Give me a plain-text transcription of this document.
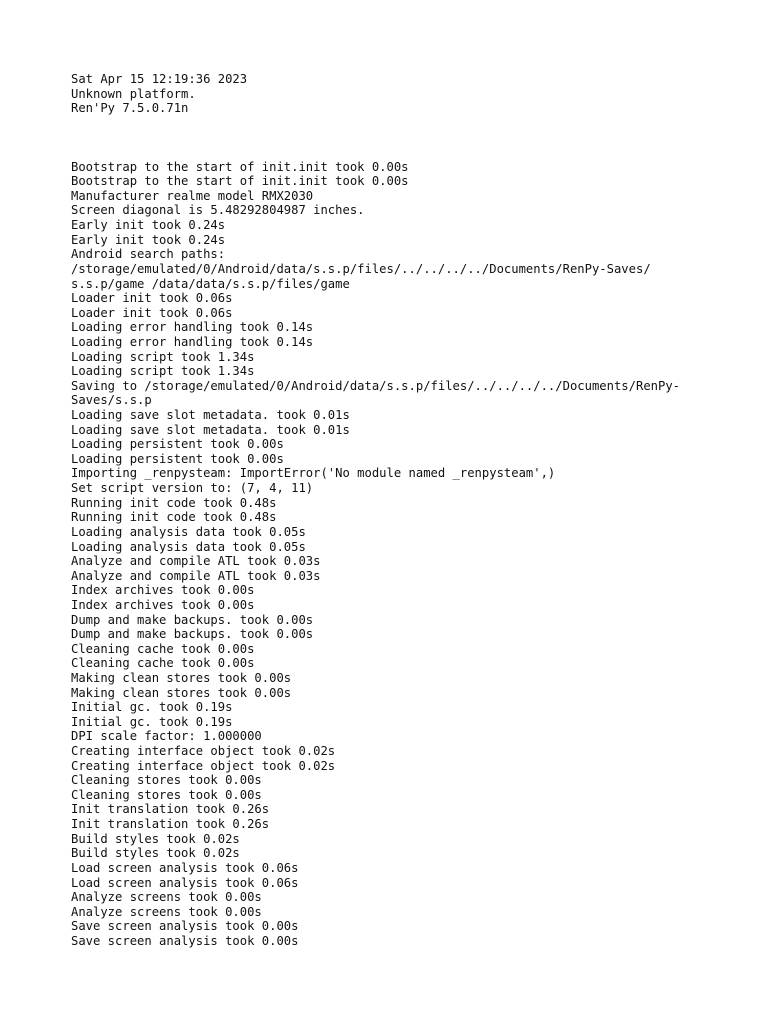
Sat Apr 15 12:19:36 2023
Unknown platform.
Ren'Py 7.5.0.71n
Bootstrap to the start of init.init took 0.00s
Bootstrap to the start of init.init took 0.00s
Manufacturer realme model RMX2030
Screen diagonal is 5.48292804987 inches.
Early init took 0.24s
Early init took 0.24s
Android search paths:
/storage/emulated/0/Android/data/s.s.p/files/../../../../Documents/RenPy-Saves/
s.s.p/game /data/data/s.s.p/files/game
Loader init took 0.06s
Loader init took 0.06s
Loading error handling took 0.14s
Loading error handling took 0.14s
Loading script took 1.34s
Loading script took 1.34s
Saving to /storage/emulated/0/Android/data/s.s.p/files/../../../../Documents/RenPy-
Saves/s.s.p
Loading save slot metadata. took 0.01s
Loading save slot metadata. took 0.01s
Loading persistent took 0.00s
Loading persistent took 0.00s
Importing _renpysteam: ImportError('No module named _renpysteam',)
Set script version to: (7, 4, 11)
Running init code took 0.48s
Running init code took 0.48s
Loading analysis data took 0.05s
Loading analysis data took 0.05s
Analyze and compile ATL took 0.03s
Analyze and compile ATL took 0.03s
Index archives took 0.00s
Index archives took 0.00s
Dump and make backups. took 0.00s
Dump and make backups. took 0.00s
Cleaning cache took 0.00s
Cleaning cache took 0.00s
Making clean stores took 0.00s
Making clean stores took 0.00s
Initial gc. took 0.19s
Initial gc. took 0.19s
DPI scale factor: 1.000000
Creating interface object took 0.02s
Creating interface object took 0.02s
Cleaning stores took 0.00s
Cleaning stores took 0.00s
Init translation took 0.26s
Init translation took 0.26s
Build styles took 0.02s
Build styles took 0.02s
Load screen analysis took 0.06s
Load screen analysis took 0.06s
Analyze screens took 0.00s
Analyze screens took 0.00s
Save screen analysis took 0.00s
Save screen analysis took 0.00s
